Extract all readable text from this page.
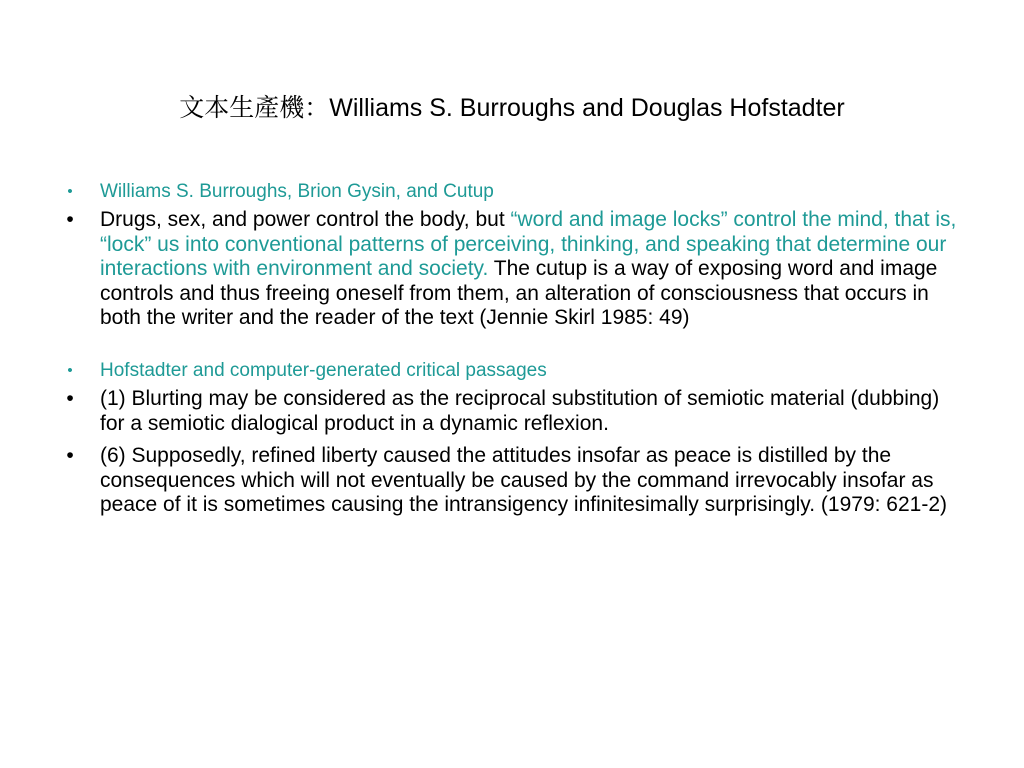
文本生產機：Williams S. Burroughs and Douglas Hofstadter
•	Williams S. Burroughs, Brion Gysin, and Cutup
•	Drugs, sex, and power control the body, but “word and image locks” control the mind, that is, “lock” us into conventional patterns of perceiving, thinking, and speaking that determine our interactions with environment and society. The cutup is a way of exposing word and image controls and thus freeing oneself from them, an alteration of consciousness that occurs in both the writer and the reader of the text (Jennie Skirl 1985: 49)
•	Hofstadter and computer-generated critical passages
•	(1) Blurting may be considered as the reciprocal substitution of semiotic material (dubbing) for a semiotic dialogical product in a dynamic reflexion.
•	(6) Supposedly, refined liberty caused the attitudes insofar as peace is distilled by the consequences which will not eventually be caused by the command irrevocably insofar as peace of it is sometimes causing the intransigency infinitesimally surprisingly. (1979: 621-2)
